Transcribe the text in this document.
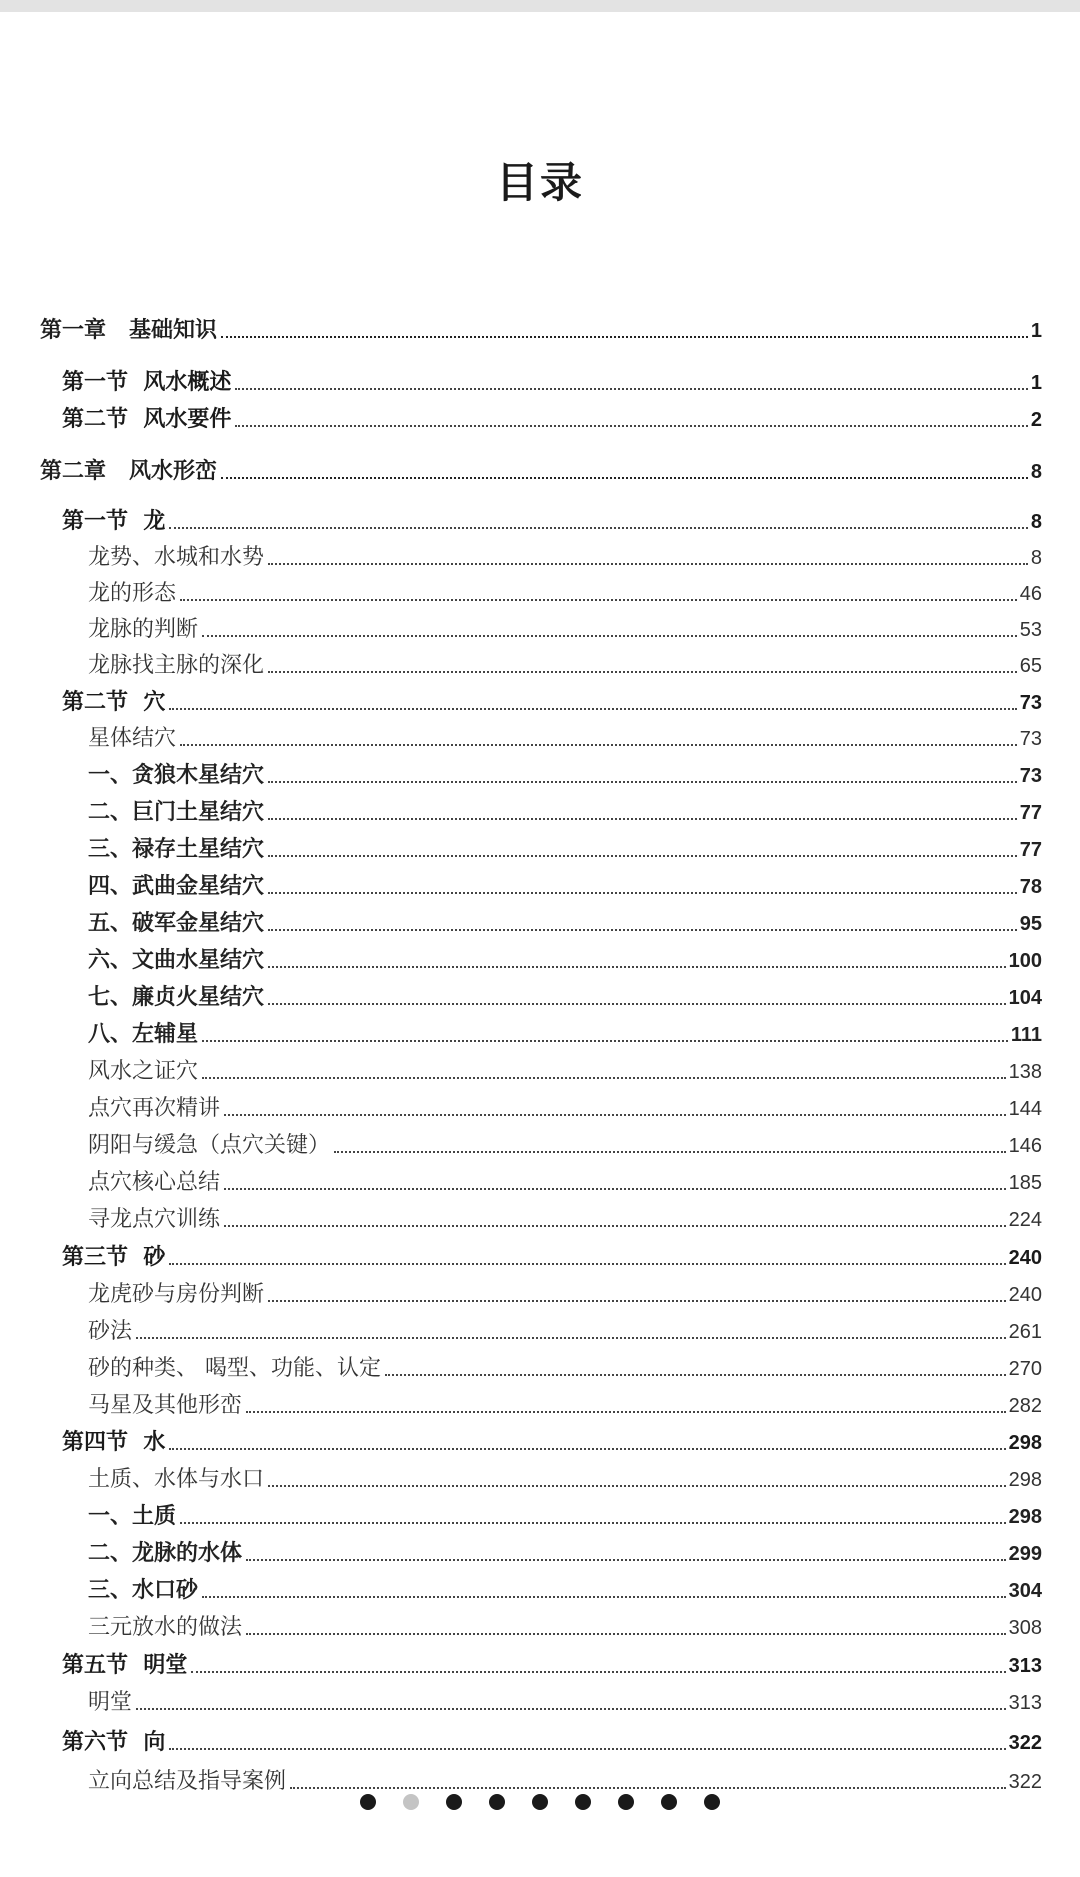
目录
第一章   基础知识	1
第一节  风水概述	1
第二节  风水要件	2
第二章   风水形峦	8
第一节  龙	8
龙势、水城和水势	8
龙的形态	46
龙脉的判断	53
龙脉找主脉的深化	65
第二节  穴	73
星体结穴	73
一、贪狼木星结穴	73
二、巨门土星结穴	77
三、禄存土星结穴	77
四、武曲金星结穴	78
五、破军金星结穴	95
六、文曲水星结穴	100
七、廉贞火星结穴	104
八、左辅星	111
风水之证穴	138
点穴再次精讲	144
阴阳与缓急（点穴关键）	146
点穴核心总结	185
寻龙点穴训练	224
第三节  砂	240
龙虎砂与房份判断	240
砂法	261
砂的种类、 喝型、功能、认定	270
马星及其他形峦	282
第四节  水	298
土质、水体与水口	298
一、土质	298
二、龙脉的水体	299
三、水口砂	304
三元放水的做法	308
第五节  明堂	313
明堂	313
第六节  向	322
立向总结及指导案例	322
